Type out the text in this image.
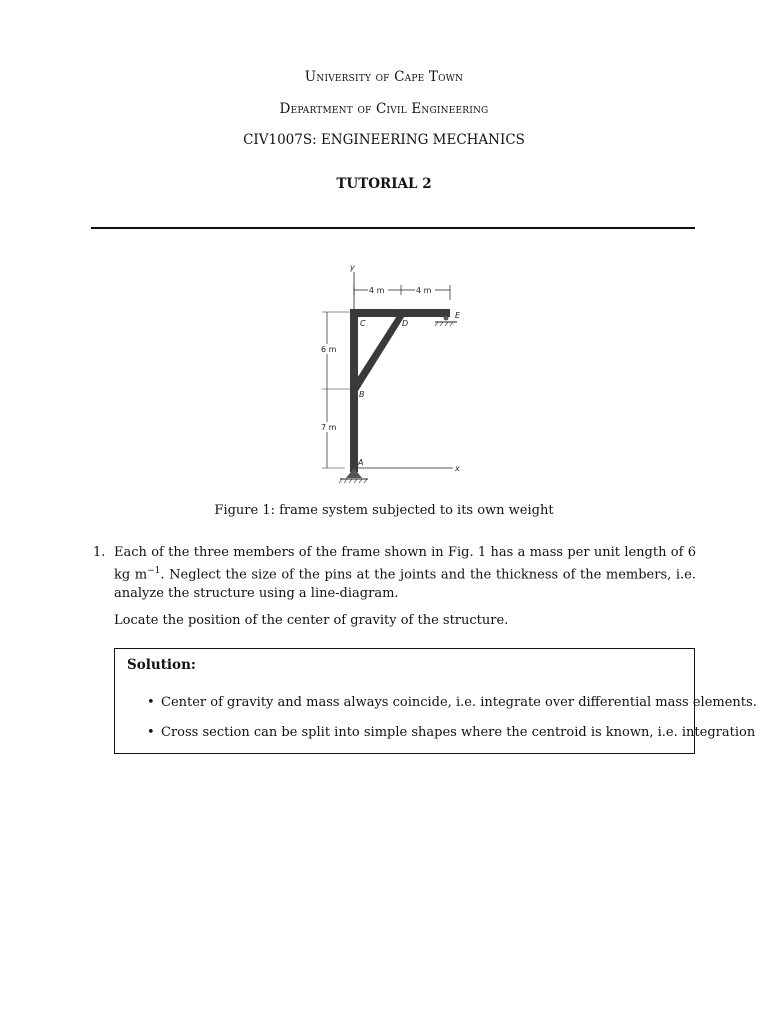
University of Cape Town
Department of Civil Engineering
CIV1007S: ENGINEERING MECHANICS
TUTORIAL 2
y
x
4 m	4 m
6 m
7 m
A
B
C	D
E
Figure 1: frame system subjected to its own weight
1. Each of the three members of the frame shown in Fig. 1 has a mass per unit length of 6 kg $m^{-1}$. Neglect the size of the pins at the joints and the thickness of the members, i.e. analyze the structure using a line-diagram.
Locate the position of the center of gravity of the structure.
Solution:
• Center of gravity and mass always coincide, i.e. integrate over differential mass elements.
• Cross section can be split into simple shapes where the centroid is known, i.e. integration
